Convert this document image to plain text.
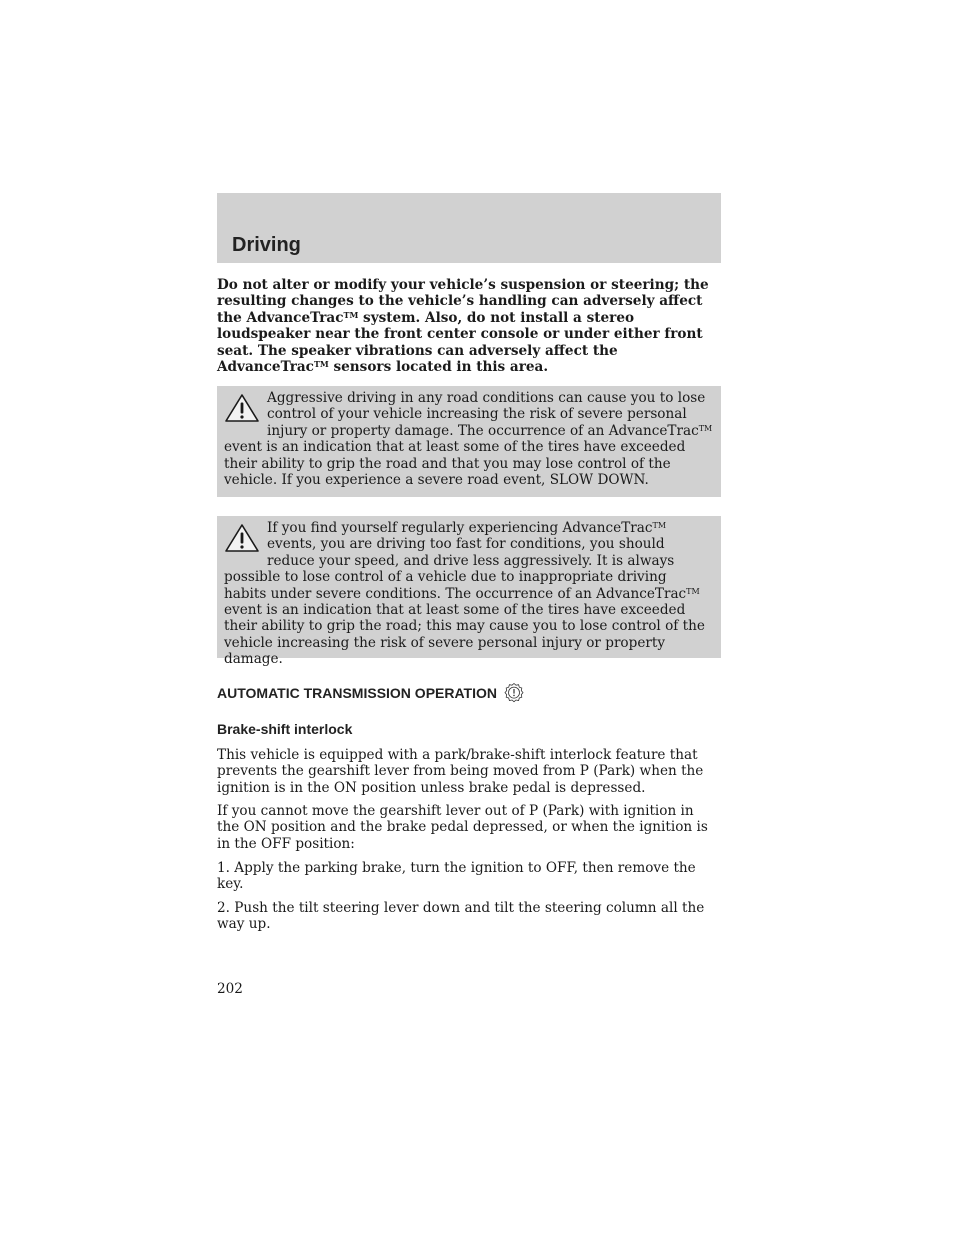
Driving

Do not alter or modify your vehicle’s suspension or steering; the resulting changes to the vehicle’s handling can adversely affect the AdvanceTrac™ system. Also, do not install a stereo loudspeaker near the front center console or under either front seat. The speaker vibrations can adversely affect the AdvanceTrac™ sensors located in this area.

Aggressive driving in any road conditions can cause you to lose control of your vehicle increasing the risk of severe personal injury or property damage. The occurrence of an AdvanceTrac™ event is an indication that at least some of the tires have exceeded their ability to grip the road and that you may lose control of the vehicle. If you experience a severe road event, SLOW DOWN.

If you find yourself regularly experiencing AdvanceTrac™ events, you are driving too fast for conditions, you should reduce your speed, and drive less aggressively. It is always possible to lose control of a vehicle due to inappropriate driving habits under severe conditions. The occurrence of an AdvanceTrac™ event is an indication that at least some of the tires have exceeded their ability to grip the road; this may cause you to lose control of the vehicle increasing the risk of severe personal injury or property damage.

AUTOMATIC TRANSMISSION OPERATION
Brake-shift interlock

This vehicle is equipped with a park/brake-shift interlock feature that prevents the gearshift lever from being moved from P (Park) when the ignition is in the ON position unless brake pedal is depressed.

If you cannot move the gearshift lever out of P (Park) with ignition in the ON position and the brake pedal depressed, or when the ignition is in the OFF position:

1. Apply the parking brake, turn the ignition to OFF, then remove the key.

2. Push the tilt steering lever down and tilt the steering column all the way up.

202
